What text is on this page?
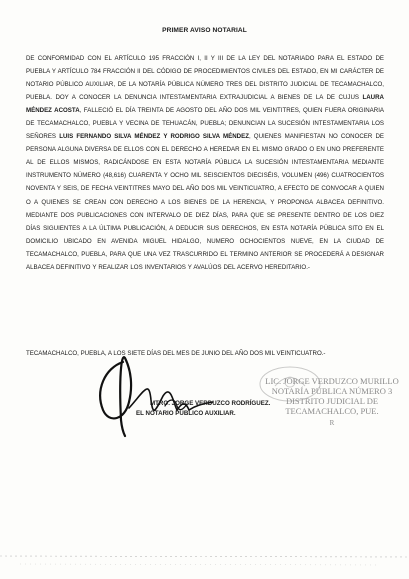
PRIMER AVISO NOTARIAL
DE CONFORMIDAD CON EL ARTÍCULO 195 FRACCIÓN I, II Y III DE LA LEY DEL NOTARIADO PARA EL ESTADO DE PUEBLA Y ARTÍCULO 784 FRACCIÓN II DEL CÓDIGO DE PROCEDIMIENTOS CIVILES DEL ESTADO, EN MI CARÁCTER DE NOTARIO PÚBLICO AUXILIAR, DE LA NOTARÍA PÚBLICA NÚMERO TRES DEL DISTRITO JUDICIAL DE TECAMACHALCO, PUEBLA. DOY A CONOCER LA DENUNCIA INTESTAMENTARIA EXTRAJUDICIAL A BIENES DE LA DE CUJUS LAURA MÉNDEZ ACOSTA, FALLECIÓ EL DÍA TREINTA DE AGOSTO DEL AÑO DOS MIL VEINTITRES, QUIEN FUERA ORIGINARIA DE TECAMACHALCO, PUEBLA Y VECINA DE TEHUACÁN, PUEBLA; DENUNCIAN LA SUCESIÓN INTESTAMENTARIA LOS SEÑORES LUIS FERNANDO SILVA MÉNDEZ Y RODRIGO SILVA MÉNDEZ, QUIENES MANIFIESTAN NO CONOCER DE PERSONA ALGUNA DIVERSA DE ELLOS CON EL DERECHO A HEREDAR EN EL MISMO GRADO O EN UNO PREFERENTE AL DE ELLOS MISMOS, RADICÁNDOSE EN ESTA NOTARÍA PÚBLICA LA SUCESIÓN INTESTAMENTARIA MEDIANTE INSTRUMENTO NÚMERO (48,616) CUARENTA Y OCHO MIL SEISCIENTOS DIECISÉIS, VOLUMEN (496) CUATROCIENTOS NOVENTA Y SEIS, DE FECHA VEINTITRES MAYO DEL AÑO DOS MIL VEINTICUATRO, A EFECTO DE CONVOCAR A QUIEN O A QUIENES SE CREAN CON DERECHO A LOS BIENES DE LA HERENCIA, Y PROPONGA ALBACEA DEFINITIVO. MEDIANTE DOS PUBLICACIONES CON INTERVALO DE DIEZ DÍAS, PARA QUE SE PRESENTE DENTRO DE LOS DIEZ DÍAS SIGUIENTES A LA ÚLTIMA PUBLICACIÓN, A DEDUCIR SUS DERECHOS, EN ESTA NOTARÍA PÚBLICA SITO EN EL DOMICILIO UBICADO EN AVENIDA MIGUEL HIDALGO, NUMERO OCHOCIENTOS NUEVE, EN LA CIUDAD DE TECAMACHALCO, PUEBLA, PARA QUE UNA VEZ TRASCURRIDO EL TERMINO ANTERIOR SE PROCEDERÁ A DESIGNAR ALBACEA DEFINITIVO Y REALIZAR LOS INVENTARIOS Y AVALÚOS DEL ACERVO HEREDITARIO.-
TECAMACHALCO, PUEBLA, A LOS SIETE DÍAS DEL MES DE JUNIO DEL AÑO DOS MIL VEINTICUATRO.-
LIC. JORGE VERDUZCO MURILLO
NOTARÍA PÚBLICA NÚMERO 3
DISTRITO JUDICIAL DE
TECAMACHALCO, PUE.
R
MTRO. JORGE VERDUZCO RODRÍGUEZ.
EL NOTARIO PÚBLICO AUXILIAR.
